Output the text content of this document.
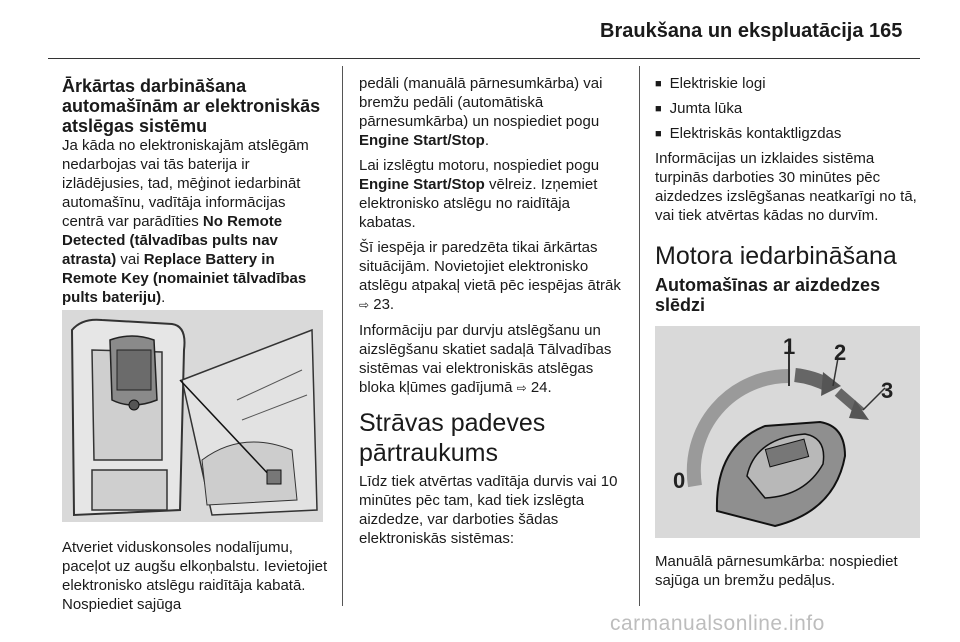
Braukšana un ekspluatācija 165
Ārkārtas darbināšana automašīnām ar elektroniskās atslēgas sistēmu

Ja kāda no elektroniskajām atslēgām nedarbojas vai tās baterija ir izlādējusies, tad, mēģinot iedarbināt automašīnu, vadītāja informācijas centrā var parādīties No Remote Detected (tālvadības pults nav atrasta) vai Replace Battery in Remote Key (nomainiet tālvadības pults bateriju).

Atveriet viduskonsoles nodalījumu, paceļot uz augšu elkoņbalstu. Ievietojiet elektronisko atslēgu raidītāja kabatā. Nospiediet sajūga

pedāli (manuālā pārnesumkārba) vai bremžu pedāli (automātiskā pārnesumkārba) un nospiediet pogu Engine Start/Stop.

Lai izslēgtu motoru, nospiediet pogu Engine Start/Stop vēlreiz. Izņemiet elektronisko atslēgu no raidītāja kabatas.

Šī iespēja ir paredzēta tikai ārkārtas situācijām. Novietojiet elektronisko atslēgu atpakaļ vietā pēc iespējas ātrāk ⇨ 23.

Informāciju par durvju atslēgšanu un aizslēgšanu skatiet sadaļā Tālvadības sistēmas vai elektroniskās atslēgas bloka kļūmes gadījumā ⇨ 24.

Strāvas padeves pārtraukums

Līdz tiek atvērtas vadītāja durvis vai 10 minūtes pēc tam, kad tiek izslēgta aizdedze, var darboties šādas elektroniskās sistēmas:

■ Elektriskie logi
■ Jumta lūka
■ Elektriskās kontaktligzdas

Informācijas un izklaides sistēma turpinās darboties 30 minūtes pēc aizdedzes izslēgšanas neatkarīgi no tā, vai tiek atvērtas kādas no durvīm.

Motora iedarbināšana
Automašīnas ar aizdedzes slēdzi
1 2
3
0

Manuālā pārnesumkārba: nospiediet sajūga un bremžu pedāļus.

carmanualsonline.info
